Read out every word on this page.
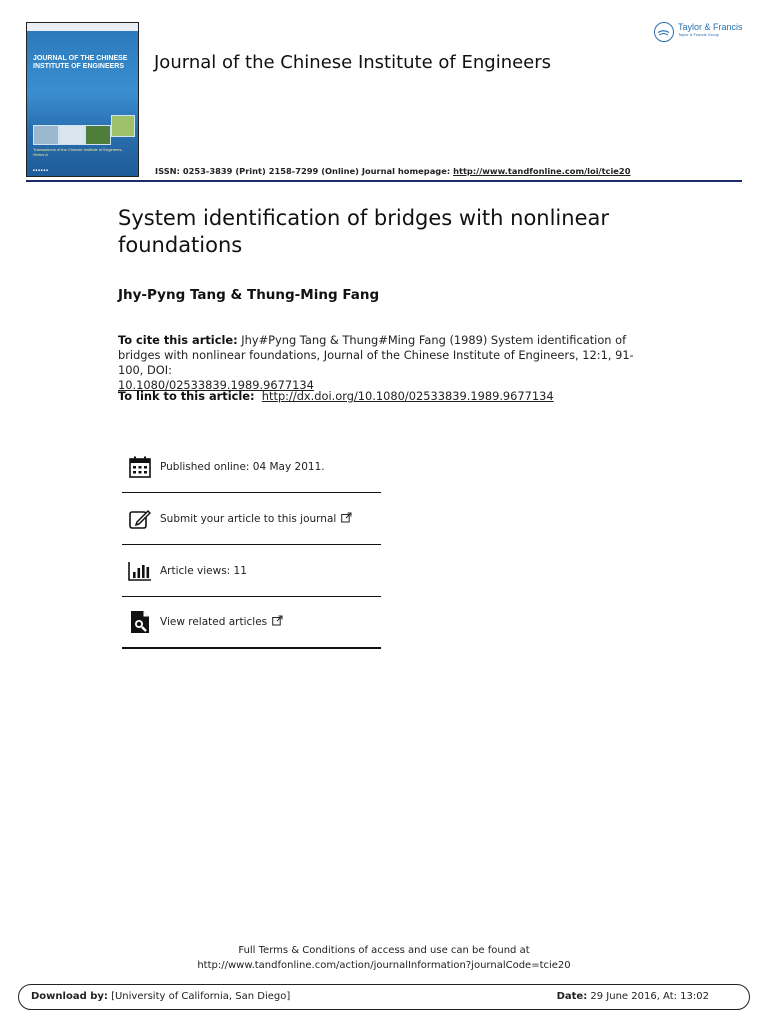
JOURNAL OF THE CHINESE INSTITUTE OF ENGINEERS
Transactions of the Chinese Institute of Engineers, Series A
■ ■ ■ ■ ■ ■
Journal of the Chinese Institute of Engineers
Taylor & Francis
Taylor & Francis Group
ISSN: 0253-3839 (Print) 2158-7299 (Online) Journal homepage: http://www.tandfonline.com/loi/tcie20
System identification of bridges with nonlinear foundations
Jhy-Pyng Tang & Thung-Ming Fang
To cite this article: Jhy#Pyng Tang & Thung#Ming Fang (1989) System identification of bridges with nonlinear foundations, Journal of the Chinese Institute of Engineers, 12:1, 91-100, DOI:
10.1080/02533839.1989.9677134
To link to this article: http://dx.doi.org/10.1080/02533839.1989.9677134
Published online: 04 May 2011.
Submit your article to this journal
Article views: 11
View related articles
Full Terms & Conditions of access and use can be found at
http://www.tandfonline.com/action/journalInformation?journalCode=tcie20
Download by: [University of California, San Diego]	Date: 29 June 2016, At: 13:02
